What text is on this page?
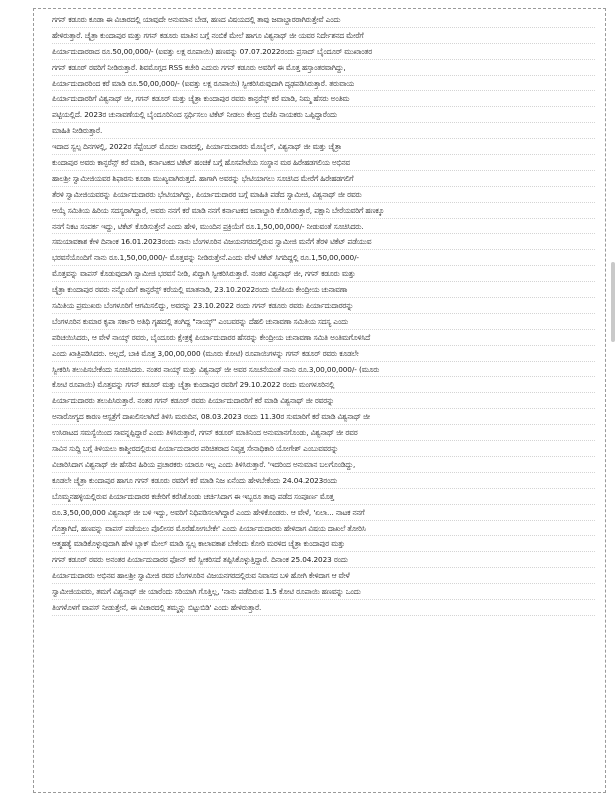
ಗಗನ್ ಕಡೂರು ಕೂಡಾ ಈ ವಿಚಾರದಲ್ಲಿ ಯಾವುದೇ ಅನುಮಾನ ಬೇಡ, ಹಣದ ವಿಷಯದಲ್ಲಿ ತಾವು ಜವಾಬ್ದಾರರಾಗಿರುತ್ತೇವೆ ಎಂದು
ಹೇಳಿರುತ್ತಾರೆ. ಚೈತ್ರಾ ಕುಂದಾಪುರ ಮತ್ತು ಗಗನ್ ಕಡೂರು ಮಾತಿನ ಬಗ್ಗೆ ನಂಬಿಕೆ ಮೇಲೆ ಹಾಗೂ ವಿಶ್ವನಾಥ್ ಜೀ ಯವರ ನಿರ್ದೇಶನದ ಮೇರೆಗೆ
ಪಿರ್ಯಾದುದಾರರಾದ ರೂ.50,00,000/- (ಐವತ್ತು ಲಕ್ಷ ರೂಪಾಯಿ) ಹಣವನ್ನು 07.07.2022ರಂದು ಪ್ರಸಾದ್ ಬೈಂದೂರ್ ಮುಖಾಂತರ
ಗಗನ್ ಕಡೂರ್ ರವರಿಗೆ ನೀಡಿರುತ್ತಾರೆ. ಶಿವಮೊಗ್ಗದ RSS ಕಚೇರಿ ಎದುರು ಗಗನ್ ಕಡೂರು ಅವರಿಗೆ ಈ ಮೊತ್ತ ಹಸ್ತಾಂತರವಾಗಿದ್ದು,
ಪಿರ್ಯಾದುದಾರರಿಂದ ಕರೆ ಮಾಡಿ ರೂ.50,00,000/- (ಐವತ್ತು ಲಕ್ಷ ರೂಪಾಯಿ) ಸ್ವೀಕರಿಸಿರುವುದಾಗಿ ದೃಢಪಡಿಸಿರುತ್ತಾರೆ. ತರುವಾಯ
ಪಿರ್ಯಾದುದಾರರಿಗೆ ವಿಶ್ವನಾಥ್ ಜೀ, ಗಗನ್ ಕಡೂರ್ ಮತ್ತು ಚೈತ್ರಾ ಕುಂದಾಪುರ ರವರು ಕಾನ್ಫರೆನ್ಸ್ ಕರೆ ಮಾಡಿ, ನಿಮ್ಮ ಹೆಸರು ಅಂತಿಮ
ಪಟ್ಟಿಯಲ್ಲಿದೆ. 2023ರ ಚುನಾವಣೆಯಲ್ಲಿ ಬೈಂದೂರಿನಿಂದ ಸ್ಪರ್ಧಿಸಲು ಟಿಕೆಟ್ ನೀಡಲು ಕೇಂದ್ರ ಬಿಜೆಪಿ ನಾಯಕರು ಒಪ್ಪಿದ್ದಾರೆಂದು
ಮಾಹಿತಿ ನೀಡಿರುತ್ತಾರೆ.
ಇದಾದ ಸ್ವಲ್ಪ ದಿನಗಳಲ್ಲಿ, 2022ರ ಸೆಪ್ಟೆಂಬರ್ ಮೊದಲ ವಾರದಲ್ಲಿ, ಪಿರ್ಯಾದುದಾರರು ಮೊಬೈಲ್, ವಿಶ್ವನಾಥ್ ಜೀ ಮತ್ತು ಚೈತ್ರಾ
ಕುಂದಾಪುರ ಅವರು ಕಾನ್ಫರೆನ್ಸ್ ಕರೆ ಮಾಡಿ, ಕರ್ನಾಟಕದ ಟಿಕೆಟ್ ಹಂಚಿಕೆ ಬಗ್ಗೆ ಹೊಸಪೇಟೆಯ ಸಂಸ್ಥಾನ ಮಠ ಹಿರೇಹಡಗಲಿಯ ಅಭಿನವ
ಹಾಲಶ್ರೀ ಸ್ವಾಮೀಜಿಯವರ ಶಿಫಾರಸು ಕೂಡಾ ಮುಖ್ಯವಾಗಿರುತ್ತದೆ. ಹಾಗಾಗಿ ಅವರನ್ನು ಭೇಟಿಯಾಗಲು ಸೂಚಿಸಿದ ಮೇರೆಗೆ ಹಿರೇಹಡಗಲಿಗೆ
ತೆರಳಿ ಸ್ವಾಮೀಜಿಯವರನ್ನು ಪಿರ್ಯಾದುದಾರರು ಭೇಟಿಯಾಗಿದ್ದು, ಪಿರ್ಯಾದುದಾರರ ಬಗ್ಗೆ ಮಾಹಿತಿ ಪಡೆದ ಸ್ವಾಮೀಜಿ, ವಿಶ್ವನಾಥ್ ಜೀ ರವರು
ಆಯ್ಕೆ ಸಮಿತಿಯ ಹಿರಿಯ ಸದಸ್ಯರಾಗಿದ್ದಾರೆ, ಅವರು ನನಗೆ ಕರೆ ಮಾಡಿ ನನಗೆ ಕರ್ನಾಟಕದ ಜವಾಬ್ದಾರಿ ಕೊಡಿಸಿರುತ್ತಾರೆ, ಪಕ್ಷಾನಿ ಬೇರೆಯವರಿಗೆ ಹಣಕ್ಕೂ
ನನಗೆ ನಿಕಟ ಸಂಪರ್ಕ ಇದ್ದು, ಟಿಕೆಟ್ ಕೊಡಿಸುತ್ತೇನೆ ಎಂದು ಹೇಳಿ, ಮುಂದಿನ ಪ್ರಕ್ರಿಯೆಗೆ ರೂ.1,50,00,000/- ನೀಡುವಂತೆ ಸೂಚಿಸಿದರು.
ಸಮಯಾವಕಾಶ ಕೇಳಿ ದಿನಾಂಕ 16.01.2023ರಂದು ನಾನು ಬೆಂಗಳೂರಿನ ವಿಜಯನಗರದಲ್ಲಿರುವ ಸ್ವಾಮೀಜಿ ಮನೆಗೆ ತೆರಳಿ ಟಿಕೆಟ್ ಪಡೆಯುವ
ಭರವಸೆಯೊಂದಿಗೆ ನಾನು ರೂ.1,50,00,000/- ಮೊತ್ತವನ್ನು ನೀಡಿರುತ್ತೇನೆ.ಎಂದು ವೇಳೆ ಟಿಕೆಟ್ ಸಿಗದಿದ್ದಲ್ಲಿ ರೂ.1,50,00,000/-
ಮೊತ್ತವನ್ನು ವಾಪಸ್ ಕೊಡುವುದಾಗಿ ಸ್ವಾಮೀಜಿ ಭರವಸೆ ನೀಡಿ, ಖಿದ್ದಾಗಿ ಸ್ವೀಕರಿಸಿರುತ್ತಾರೆ. ನಂತರ ವಿಶ್ವನಾಥ್ ಜೀ, ಗಗನ್ ಕಡೂರು ಮತ್ತು
ಚೈತ್ರಾ ಕುಂದಾಪುರ ರವರು ನನ್ನೊಂದಿಗೆ ಕಾನ್ಫರೆನ್ಸ್ ಕರೆಯಲ್ಲಿ ಮಾತನಾಡಿ, 23.10.2022ರಂದು ಬಿಜೆಪಿಯ ಕೇಂದ್ರೀಯ ಚುನಾವಣಾ
ಸಮಿತಿಯ ಪ್ರಮುಖರು ಬೆಂಗಳೂರಿಗೆ ಆಗಮಿಸಲಿದ್ದು, ಅವರನ್ನು 23.10.2022 ರಂದು ಗಗನ್ ಕಡೂರು ರವರು ಪಿರ್ಯಾದುದಾರರನ್ನು
ಬೆಂಗಳೂರಿನ ಕುಮಾರ ಕೃಪಾ ಸರ್ಕಾರಿ ಅತಿಥಿ ಗೃಹದಲ್ಲಿ ತಂಗಿದ್ದ "ನಾಯ್ಕ್" ಎಂಬವರನ್ನು ದೆಹಲಿ ಚುನಾವಣಾ ಸಮಿತಿಯ ಸದಸ್ಯ ಎಂದು
ಪರಿಚಯಿಸಿದರು, ಆ ವೇಳೆ ನಾಯ್ಕ್ ರವರು, ಬೈಂದೂರು ಕ್ಷೇತ್ರಕ್ಕೆ ಪಿರ್ಯಾದುದಾರರ ಹೆಸರನ್ನು ಕೇಂದ್ರೀಯ ಚುನಾವಣಾ ಸಮಿತಿ ಅಂತಿಮಗೊಳಿಸಿದೆ
ಎಂದು ಖಾತ್ರಿಪಡಿಸಿದರು. ಅಲ್ಲದೆ, ಬಾಕಿ ಮೊತ್ತ 3,00,00,000 (ಮೂರು ಕೋಟಿ) ರೂಪಾಯಿಗಳನ್ನು ಗಗನ್ ಕಡೂರ್ ರವರು ಕೂಡಲೇ
ಸ್ವೀಕರಿಸಿ ತಲುಪಿಸಬೇಕೆಂದು ಸೂಚಿಸಿದರು. ನಂತರ ನಾಯ್ಕ್ ಮತ್ತು ವಿಶ್ವನಾಥ್ ಜೀ ಅವರ ಸೂಚನೆಯಂತೆ ನಾನು ರೂ.3,00,00,000/- (ಮೂರು
ಕೋಟಿ ರೂಪಾಯಿ) ಮೊತ್ತವನ್ನು ಗಗನ್ ಕಡೂರ್ ಮತ್ತು ಚೈತ್ರಾ ಕುಂದಾಪುರ ರವರಿಗೆ 29.10.2022 ರಂದು ಮಂಗಳೂರಿನಲ್ಲಿ
ಪಿರ್ಯಾದುದಾರರು ತಲುಪಿಸಿರುತ್ತಾರೆ. ನಂತರ ಗಗನ್ ಕಡೂರ್ ರವರು ಪಿರ್ಯಾದುದಾರರಿಗೆ ಕರೆ ಮಾಡಿ ವಿಶ್ವನಾಥ್ ಜೀ ರವರನ್ನು
ಅನಾರೋಗ್ಯದ ಕಾರಣ ಆಸ್ಪತ್ರೆಗೆ ದಾಖಲಿಸಲಾಗಿದೆ ತಿಳಿಸಿ ಮರುದಿನ, 08.03.2023 ರಂದು 11.30ರ ಸುಮಾರಿಗೆ ಕರೆ ಮಾಡಿ ವಿಶ್ವನಾಥ್ ಜೀ
ಉಸಿರಾಟದ ಸಮಸ್ಯೆಯಿಂದ ಸಾವನ್ನಪ್ಪಿದ್ದಾರೆ ಎಂದು ತಿಳಿಸಿರುತ್ತಾರೆ, ಗಗನ್ ಕಡೂರ್ ಮಾತಿನಿಂದ ಅನುಮಾನಗೊಂಡು, ವಿಶ್ವನಾಥ್ ಜೀ ರವರ
ಸಾವಿನ ಸುದ್ದಿ ಬಗ್ಗೆ ತಿಳಿಯಲು ಕಾಶ್ಮೀರದಲ್ಲಿರುವ ಪಿರ್ಯಾದುದಾರರ ಪರಿಚಿತರಾದ ನಿವೃತ್ತ ಸೇನಾಧಿಕಾರಿ ಯೋಗೇಶ್ ಎಂಬುವವರನ್ನು
ವಿಚಾರಿಸಿದಾಗ ವಿಶ್ವನಾಥ್ ಜೀ ಹೆಸರಿನ ಹಿರಿಯ ಪ್ರಚಾರಕರು ಯಾರೂ ಇಲ್ಲ ಎಂದು ತಿಳಿಸಿರುತ್ತಾರೆ. 'ಇದರಿಂದ ಅನುಮಾನ ಬಲಗೊಂಡಿದ್ದು,
ಕೂಡಲೇ ಚೈತ್ರಾ ಕುಂದಾಪುರ ಹಾಗೂ ಗಗನ್ ಕಡೂರು ರವರಿಗೆ ಕರೆ ಮಾಡಿ ನಿಜ ಏನೆಂದು ಹೇಳಬೇಕೆಂದು 24.04.2023ರಂದು
ಬೊಮ್ಮನಹಳ್ಳಿಯಲ್ಲಿರುವ ಪಿರ್ಯಾದುದಾರರ ಕಚೇರಿಗೆ ಕರೆಸಿಕೊಂಡು ಚರ್ಚಿಸಿದಾಗ ಈ ಇಬ್ಬರೂ ತಾವು ಪಡೆದ ಸಂಪೂರ್ಣ ಮೊತ್ತ
ರೂ.3,50,00,000 ವಿಶ್ವನಾಥ್ ಜೀ ಬಳಿ ಇದ್ದು, ಅವರಿಗೆ ನಿಧಿಪಡಿಸಲಾಗಿದ್ದಾರೆ ಎಂದು ಹೇಳಿಕೊಂಡರು. ಆ ವೇಳೆ, 'ಏಲಾ... ನಾಟಕ ನನಗೆ
ಗೊತ್ತಾಗಿದೆ, ಹಣವನ್ನು ವಾಪಸ್ ಪಡೆಯಲು ಪೊಲೀಸರ ಮೊರೆಹೋಗಬೇಕೇ' ಎಂದು ಪಿರ್ಯಾದುದಾರರು ಹೇಳಿದಾಗ ವಿಷಯ ದಾಖಲೆ ತೋರಿಸಿ
ಆತ್ಮಹತ್ಯೆ ಮಾಡಿಕೊಳ್ಳುವುದಾಗಿ ಹೇಳಿ ಬ್ಲಾಕ್ ಮೇಲ್ ಮಾಡಿ ಸ್ವಲ್ಪ ಕಾಲಾವಕಾಶ ಬೇಕೆಂದು ಕೋರಿ ಮರಳಿದ ಚೈತ್ರಾ ಕುಂದಾಪುರ ಮತ್ತು
ಗಗನ್ ಕಡೂರ್ ರವರು ಅನಂತರ ಪಿರ್ಯಾದುದಾರರ ಫೋನ್ ಕರೆ ಸ್ವೀಕರಿಸದೆ ತಪ್ಪಿಸಿಕೊಳ್ಳುತ್ತಿದ್ದಾರೆ. ದಿನಾಂಕ 25.04.2023 ರಂದು
ಪಿರ್ಯಾದುದಾರರು ಅಭಿನವ ಹಾಲಶ್ರೀ ಸ್ವಾಮೀಜಿ ರವರ ಬೆಂಗಳೂರಿನ ವಿಜಯನಗರದಲ್ಲಿರುವ ನಿವಾಸದ ಬಳಿ ಹೋಗಿ ಕೇಳಿದಾಗ ಆ ವೇಳೆ
ಸ್ವಾಮೀಜಿಯವರು, ತಮಗೆ ವಿಶ್ವನಾಥ್ ಜೀ ಯಾರೆಂದು ಸರಿಯಾಗಿ ಗೊತ್ತಿಲ್ಲ, 'ನಾನು ಪಡೆದಿರುವ 1.5 ಕೋಟಿ ರೂಪಾಯಿ ಹಣವನ್ನು ಒಂದು
ತಿಂಗಳೊಳಗೆ ವಾಪಸ್ ನೀಡುತ್ತೇನೆ, ಈ ವಿಚಾರದಲ್ಲಿ ತಮ್ಮನ್ನು ಬಿಟ್ಟುಬಿಡಿ' ಎಂದು ಹೇಳಿರುತ್ತಾರೆ.
